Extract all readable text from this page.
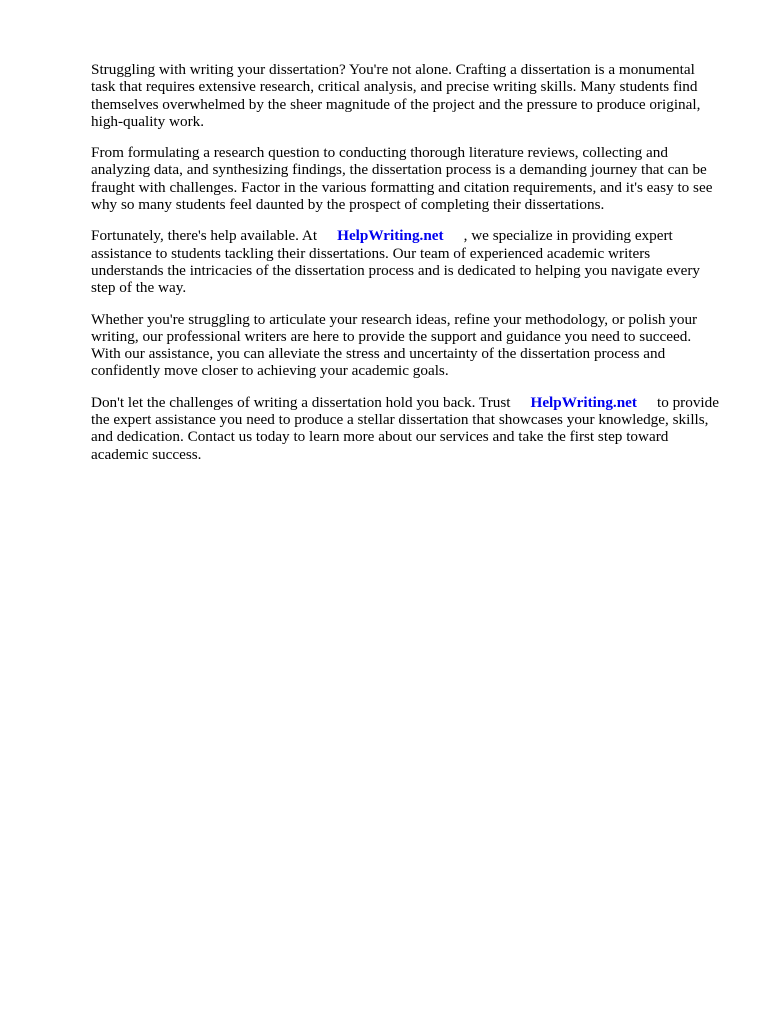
Struggling with writing your dissertation? You're not alone. Crafting a dissertation is a monumental task that requires extensive research, critical analysis, and precise writing skills. Many students find themselves overwhelmed by the sheer magnitude of the project and the pressure to produce original, high-quality work.

From formulating a research question to conducting thorough literature reviews, collecting and analyzing data, and synthesizing findings, the dissertation process is a demanding journey that can be fraught with challenges. Factor in the various formatting and citation requirements, and it's easy to see why so many students feel daunted by the prospect of completing their dissertations.

Fortunately, there's help available. At HelpWriting.net , we specialize in providing expert assistance to students tackling their dissertations. Our team of experienced academic writers understands the intricacies of the dissertation process and is dedicated to helping you navigate every step of the way.

Whether you're struggling to articulate your research ideas, refine your methodology, or polish your writing, our professional writers are here to provide the support and guidance you need to succeed. With our assistance, you can alleviate the stress and uncertainty of the dissertation process and confidently move closer to achieving your academic goals.

Don't let the challenges of writing a dissertation hold you back. Trust HelpWriting.net to provide the expert assistance you need to produce a stellar dissertation that showcases your knowledge, skills, and dedication. Contact us today to learn more about our services and take the first step toward academic success.
